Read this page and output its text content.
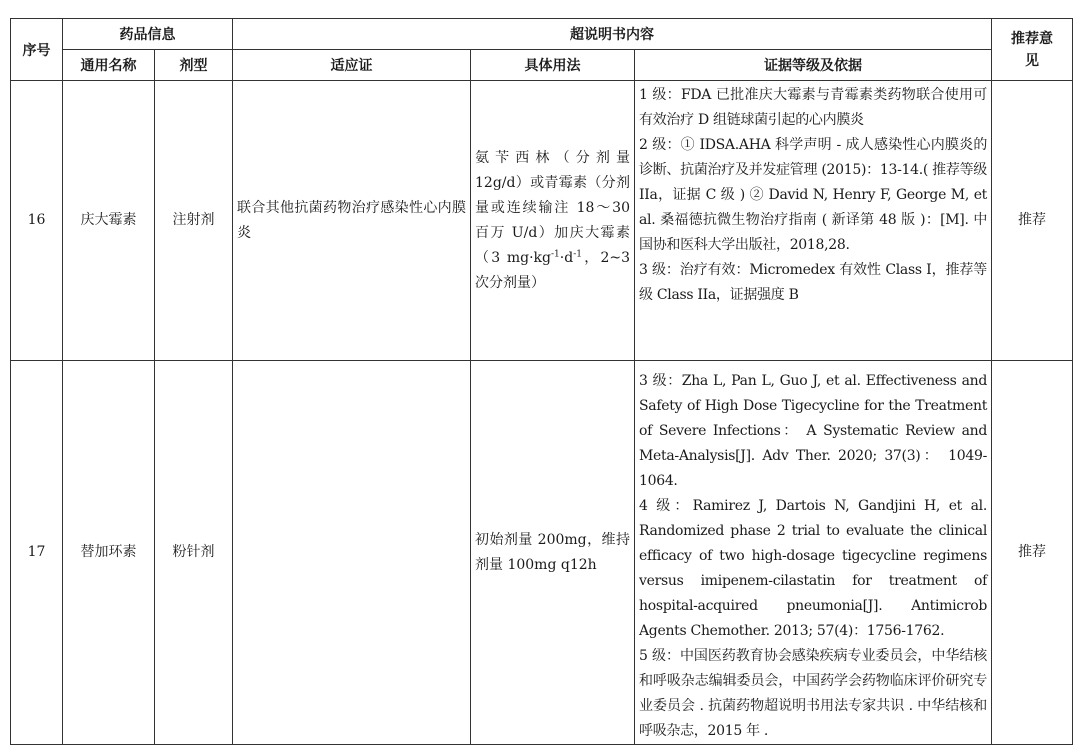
序号	药品信息		超说明书内容			推荐意见
	通用名称	剂型	适应证	具体用法	证据等级及依据	
16	庆大霉素	注射剂	联合其他抗菌药物治疗感染性心内膜炎	氨苄西林（分剂量 12g/d）或青霉素（分剂量或连续输注 18～30 百万 U/d）加庆大霉素（3 $mg\cdot kg^{-1}\cdot d^{-1}$，2~3 次分剂量）	1 级：FDA 已批准庆大霉素与青霉素类药物联合使用可有效治疗 D 组链球菌引起的心内膜炎
2 级：① IDSA.AHA 科学声明 - 成人感染性心内膜炎的诊断、抗菌治疗及并发症管理 (2015)：13-14.( 推荐等级 IIa，证据 C 级 ) ② David N, Henry F, George M, et al. 桑福德抗微生物治疗指南 ( 新译第 48 版 )：[M]. 中国协和医科大学出版社，2018,28.
3 级：治疗有效：Micromedex 有效性 Class I，推荐等级 Class IIa，证据强度 B	推荐
17	替加环素	粉针剂		初始剂量 200mg，维持剂量 100mg q12h	3 级：Zha L, Pan L, Guo J, et al. Effectiveness and Safety of High Dose Tigecycline for the Treatment of Severe Infections： A Systematic Review and Meta-Analysis[J]. Adv Ther. 2020; 37(3)： 1049-1064.
4 级：Ramirez J, Dartois N, Gandjini H, et al. Randomized phase 2 trial to evaluate the clinical efficacy of two high-dosage tigecycline regimens versus imipenem-cilastatin for treatment of hospital-acquired pneumonia[J]. Antimicrob Agents Chemother. 2013; 57(4)：1756-1762.
5 级：中国医药教育协会感染疾病专业委员会，中华结核和呼吸杂志编辑委员会，中国药学会药物临床评价研究专业委员会 . 抗菌药物超说明书用法专家共识 . 中华结核和呼吸杂志，2015 年 .	推荐
